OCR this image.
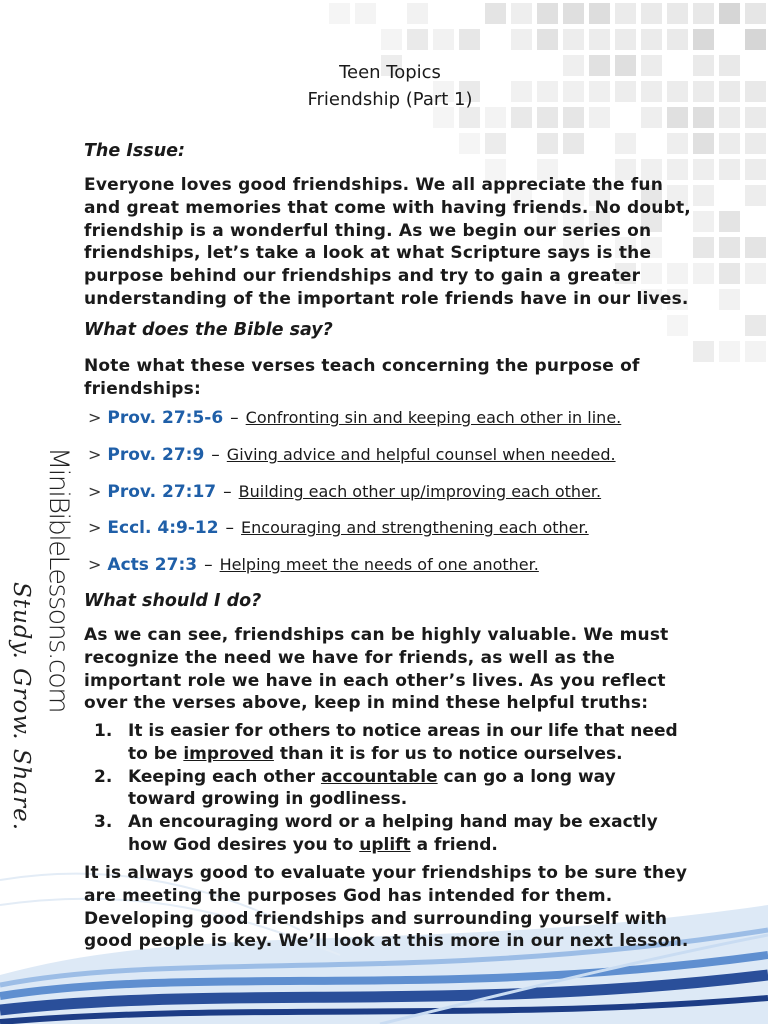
MiniBibleLessons.com
Study. Grow. Share.
Teen Topics
Friendship (Part 1)
The Issue:
Everyone loves good friendships. We all appreciate the fun
and great memories that come with having friends. No doubt,
friendship is a wonderful thing. As we begin our series on
friendships, let’s take a look at what Scripture says is the
purpose behind our friendships and try to gain a greater
understanding of the important role friends have in our lives.
What does the Bible say?
Note what these verses teach concerning the purpose of
friendships:
> Prov. 27:5-6 – Confronting sin and keeping each other in line.
> Prov. 27:9 – Giving advice and helpful counsel when needed.
> Prov. 27:17 – Building each other up/improving each other.
> Eccl. 4:9-12 – Encouraging and strengthening each other.
> Acts 27:3 – Helping meet the needs of one another.
What should I do?
As we can see, friendships can be highly valuable. We must
recognize the need we have for friends, as well as the
important role we have in each other’s lives. As you reflect
over the verses above, keep in mind these helpful truths:
1. It is easier for others to notice areas in our life that need
to be improved than it is for us to notice ourselves.
2. Keeping each other accountable can go a long way
toward growing in godliness.
3. An encouraging word or a helping hand may be exactly
how God desires you to uplift a friend.
It is always good to evaluate your friendships to be sure they
are meeting the purposes God has intended for them.
Developing good friendships and surrounding yourself with
good people is key. We’ll look at this more in our next lesson.
